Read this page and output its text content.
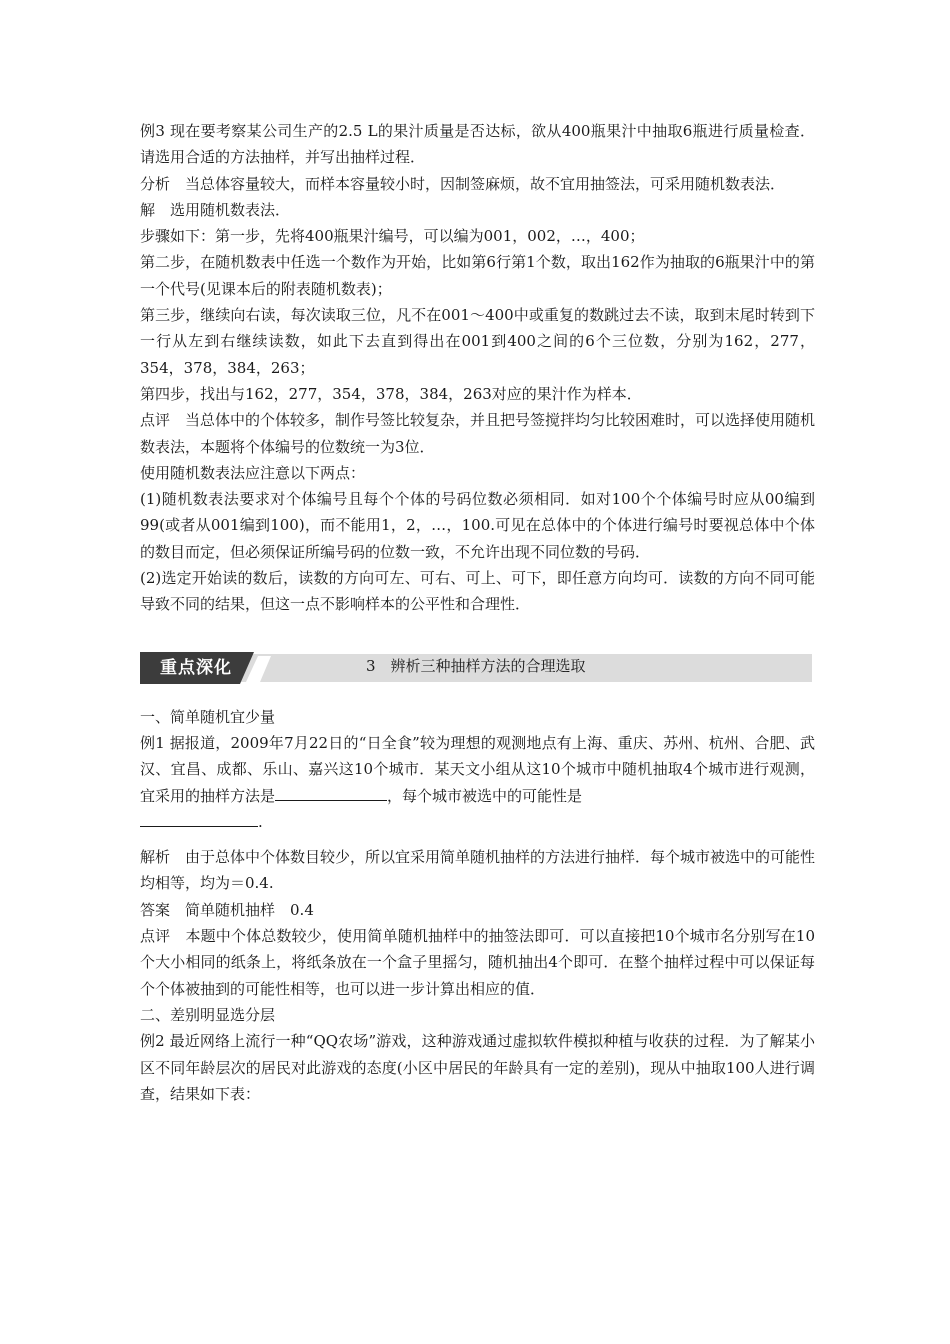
例3 现在要考察某公司生产的2.5 L的果汁质量是否达标，欲从400瓶果汁中抽取6瓶进行质量检查．请选用合适的方法抽样，并写出抽样过程．

分析　当总体容量较大，而样本容量较小时，因制签麻烦，故不宜用抽签法，可采用随机数表法．

解　选用随机数表法．

步骤如下：第一步，先将400瓶果汁编号，可以编为001，002，…，400；

第二步，在随机数表中任选一个数作为开始，比如第6行第1个数，取出162作为抽取的6瓶果汁中的第一个代号(见课本后的附表随机数表)；

第三步，继续向右读，每次读取三位，凡不在001～400中或重复的数跳过去不读，取到末尾时转到下一行从左到右继续读数，如此下去直到得出在001到400之间的6个三位数，分别为162，277，354，378，384，263；

第四步，找出与162，277，354，378，384，263对应的果汁作为样本．

点评　当总体中的个体较多，制作号签比较复杂，并且把号签搅拌均匀比较困难时，可以选择使用随机数表法，本题将个体编号的位数统一为3位．

使用随机数表法应注意以下两点：

(1)随机数表法要求对个体编号且每个个体的号码位数必须相同．如对100个个体编号时应从00编到99(或者从001编到100)，而不能用1，2，…，100.可见在总体中的个体进行编号时要视总体中个体的数目而定，但必须保证所编号码的位数一致，不允许出现不同位数的号码．

(2)选定开始读的数后，读数的方向可左、可右、可上、可下，即任意方向均可．读数的方向不同可能导致不同的结果，但这一点不影响样本的公平性和合理性．

重点深化	3　辨析三种抽样方法的合理选取

一、简单随机宜少量

例1 据报道，2009年7月22日的“日全食”较为理想的观测地点有上海、重庆、苏州、杭州、合肥、武汉、宜昌、成都、乐山、嘉兴这10个城市．某天文小组从这10个城市中随机抽取4个城市进行观测，宜采用的抽样方法是	，每个城市被选中的可能性是
.

解析　由于总体中个体数目较少，所以宜采用简单随机抽样的方法进行抽样．每个城市被选中的可能性均相等，均为＝0.4.

答案　简单随机抽样　0.4

点评　本题中个体总数较少，使用简单随机抽样中的抽签法即可．可以直接把10个城市名分别写在10个大小相同的纸条上，将纸条放在一个盒子里摇匀，随机抽出4个即可．在整个抽样过程中可以保证每个个体被抽到的可能性相等，也可以进一步计算出相应的值．

二、差别明显选分层

例2 最近网络上流行一种“QQ农场”游戏，这种游戏通过虚拟软件模拟种植与收获的过程．为了解某小区不同年龄层次的居民对此游戏的态度(小区中居民的年龄具有一定的差别)，现从中抽取100人进行调查，结果如下表：
